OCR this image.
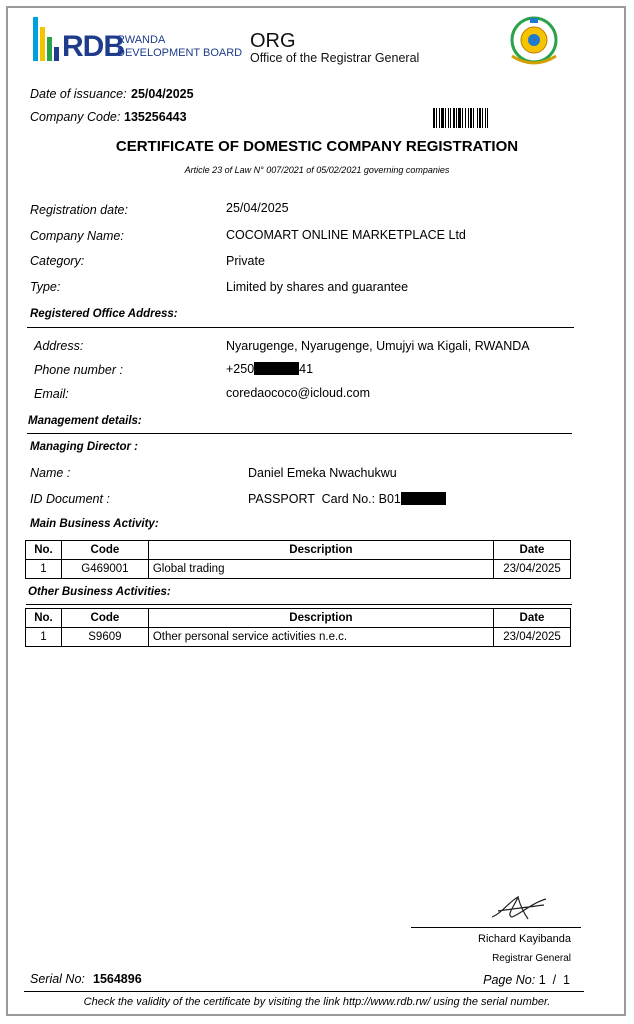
RDB
RWANDA
DEVELOPMENT BOARD
ORG
Office of the Registrar General
Date of issuance: 25/04/2025
Company Code: 135256443
CERTIFICATE OF DOMESTIC COMPANY REGISTRATION
Article 23 of Law N° 007/2021 of 05/02/2021 governing companies
Registration date:	25/04/2025
Company Name:	COCOMART ONLINE MARKETPLACE Ltd
Category:	Private
Type:	Limited by shares and guarantee
Registered Office Address:
Address:	Nyarugenge, Nyarugenge, Umujyi wa Kigali, RWANDA
Phone number :	+250	41
Email:	coredaococo@icloud.com
Management details:
Managing Director :
Name :	Daniel Emeka Nwachukwu
ID Document :	PASSPORT  Card No.: B01
Main Business Activity:
No.	Code	Description	Date
1	G469001	Global trading	23/04/2025
Other Business Activities:
No.	Code	Description	Date
1	S9609	Other personal service activities n.e.c.	23/04/2025
Richard Kayibanda
Registrar General
Serial No: 1564896	Page No: 1  /  1
Check the validity of the certificate by visiting the link http://www.rdb.rw/ using the serial number.
